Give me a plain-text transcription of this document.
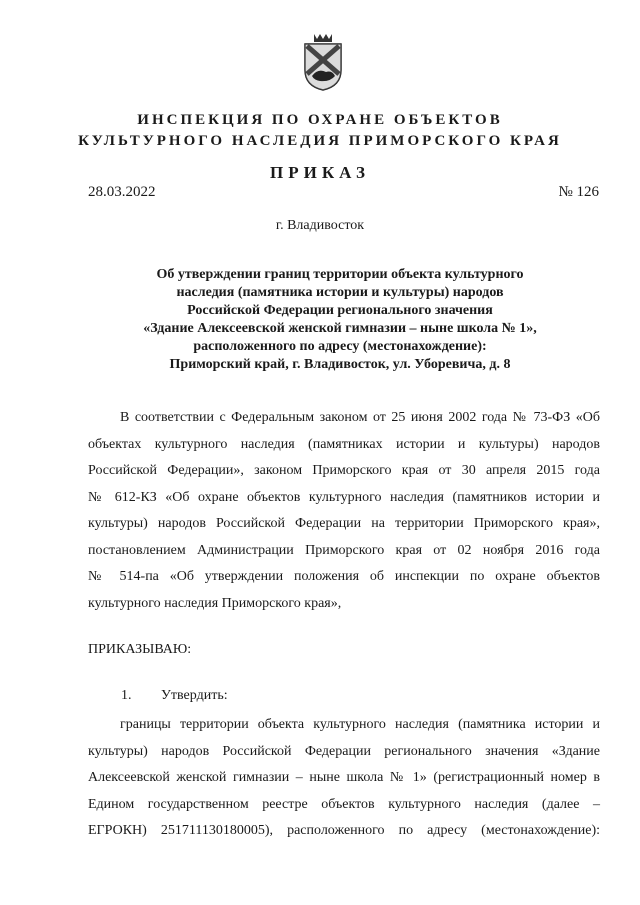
ИНСПЕКЦИЯ ПО ОХРАНЕ ОБЪЕКТОВ
КУЛЬТУРНОГО НАСЛЕДИЯ ПРИМОРСКОГО КРАЯ
ПРИКАЗ
28.03.2022	№ 126
г. Владивосток
Об утверждении границ территории объекта культурного
наследия (памятника истории и культуры) народов
Российской Федерации регионального значения
«Здание Алексеевской женской гимназии – ныне школа № 1»,
расположенного по адресу (местонахождение):
Приморский край, г. Владивосток, ул. Уборевича, д. 8
В соответствии с Федеральным законом от 25 июня 2002 года № 73-ФЗ «Об
объектах культурного наследия (памятниках истории и культуры) народов
Российской Федерации», законом Приморского края от 30 апреля 2015 года
№ 612-КЗ «Об охране объектов культурного наследия (памятников истории и
культуры) народов Российской Федерации на территории Приморского края»,
постановлением Администрации Приморского края от 02 ноября 2016 года
№ 514-па «Об утверждении положения об инспекции по охране объектов
культурного наследия Приморского края»,
ПРИКАЗЫВАЮ:
1. Утвердить:
границы территории объекта культурного наследия (памятника истории и
культуры) народов Российской Федерации регионального значения «Здание
Алексеевской женской гимназии – ныне школа № 1» (регистрационный номер в
Едином государственном реестре объектов культурного наследия (далее –
ЕГРОКН) 251711130180005), расположенного по адресу (местонахождение):
